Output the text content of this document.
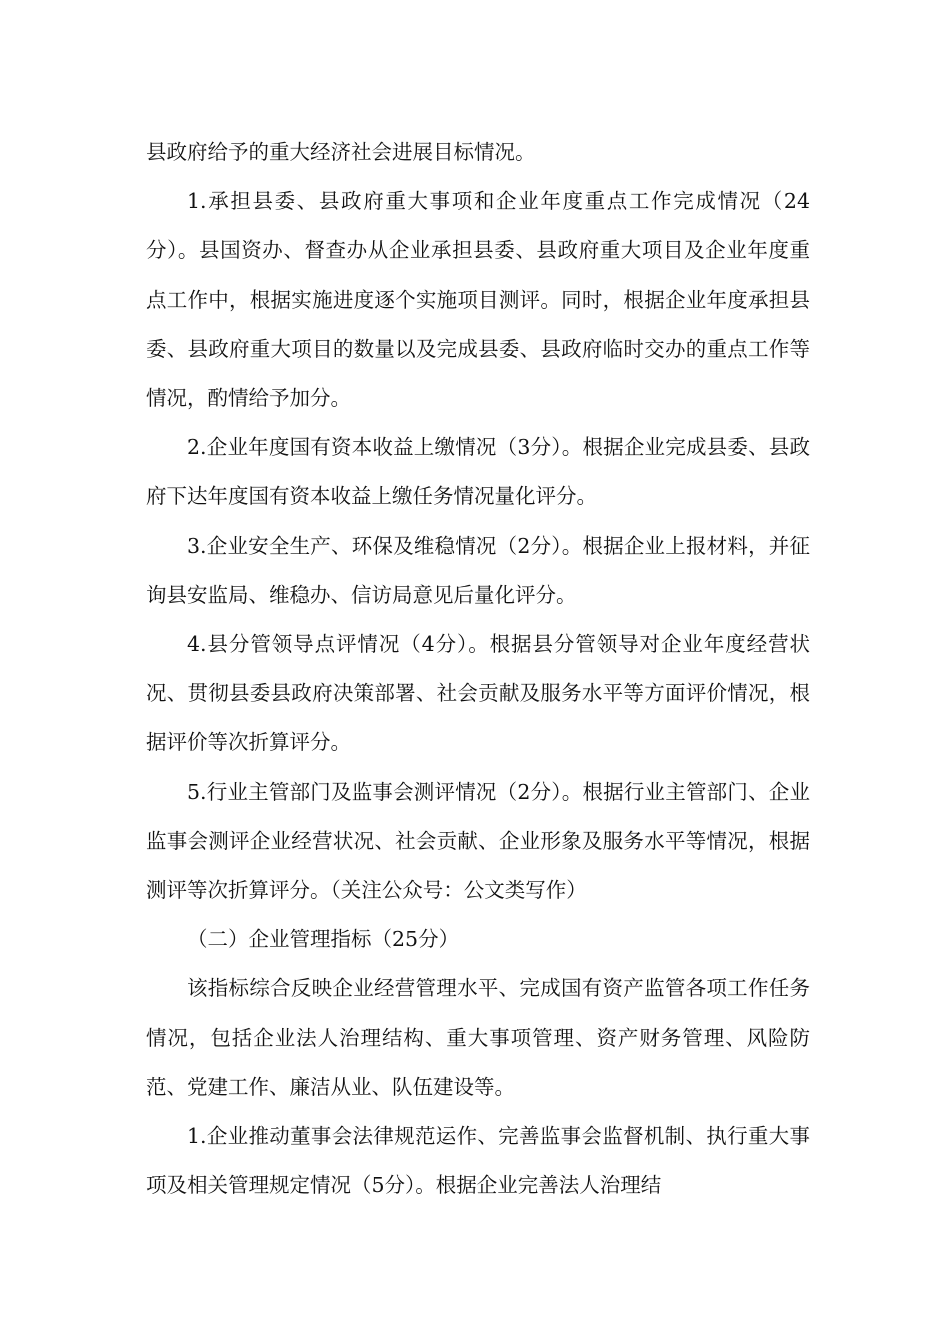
县政府给予的重大经济社会进展目标情况。

1.承担县委、县政府重大事项和企业年度重点工作完成情况（24分）。县国资办、督查办从企业承担县委、县政府重大项目及企业年度重点工作中，根据实施进度逐个实施项目测评。同时，根据企业年度承担县委、县政府重大项目的数量以及完成县委、县政府临时交办的重点工作等情况，酌情给予加分。

2.企业年度国有资本收益上缴情况（3分）。根据企业完成县委、县政府下达年度国有资本收益上缴任务情况量化评分。

3.企业安全生产、环保及维稳情况（2分）。根据企业上报材料，并征询县安监局、维稳办、信访局意见后量化评分。

4.县分管领导点评情况（4分）。根据县分管领导对企业年度经营状况、贯彻县委县政府决策部署、社会贡献及服务水平等方面评价情况，根据评价等次折算评分。

5.行业主管部门及监事会测评情况（2分）。根据行业主管部门、企业监事会测评企业经营状况、社会贡献、企业形象及服务水平等情况，根据测评等次折算评分。（关注公众号：公文类写作）

（二）企业管理指标（25分）

该指标综合反映企业经营管理水平、完成国有资产监管各项工作任务情况，包括企业法人治理结构、重大事项管理、资产财务管理、风险防范、党建工作、廉洁从业、队伍建设等。

1.企业推动董事会法律规范运作、完善监事会监督机制、执行重大事项及相关管理规定情况（5分）。根据企业完善法人治理结
